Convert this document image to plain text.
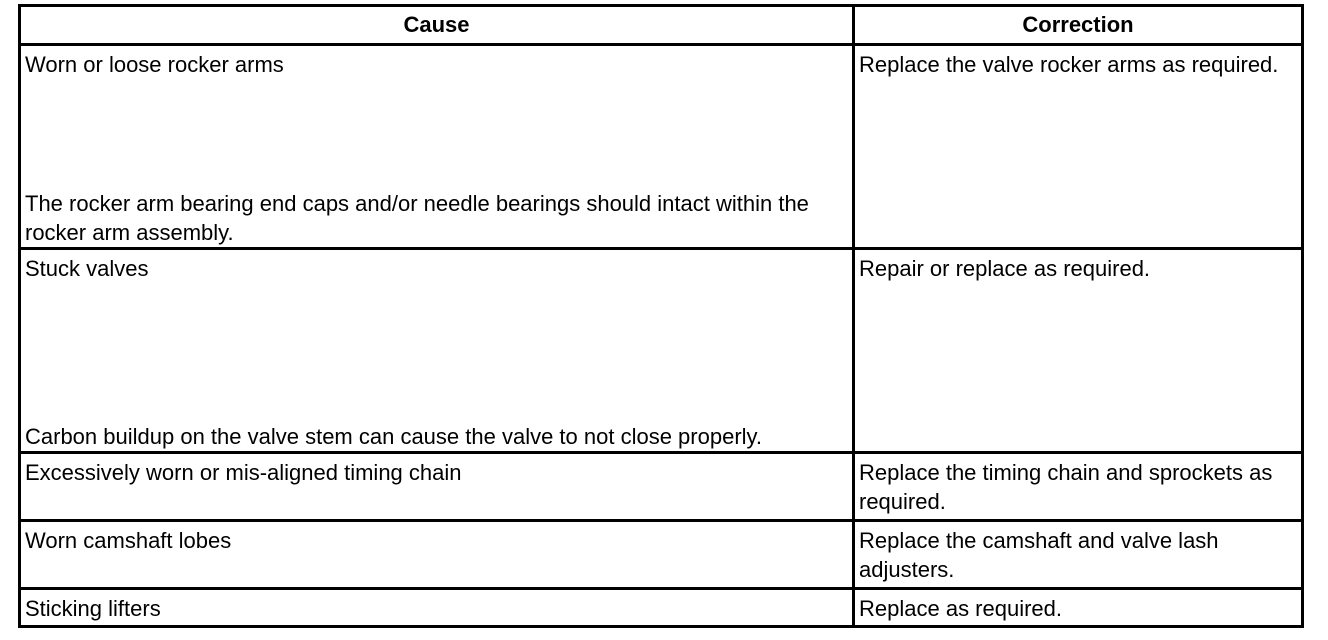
Cause	Correction

Worn or loose rocker arms
The rocker arm bearing end caps and/or needle bearings should intact within the rocker arm assembly.	Replace the valve rocker arms as required.

Stuck valves
Carbon buildup on the valve stem can cause the valve to not close properly.	Repair or replace as required.

Excessively worn or mis-aligned timing chain	Replace the timing chain and sprockets as required.

Worn camshaft lobes	Replace the camshaft and valve lash adjusters.

Sticking lifters	Replace as required.
